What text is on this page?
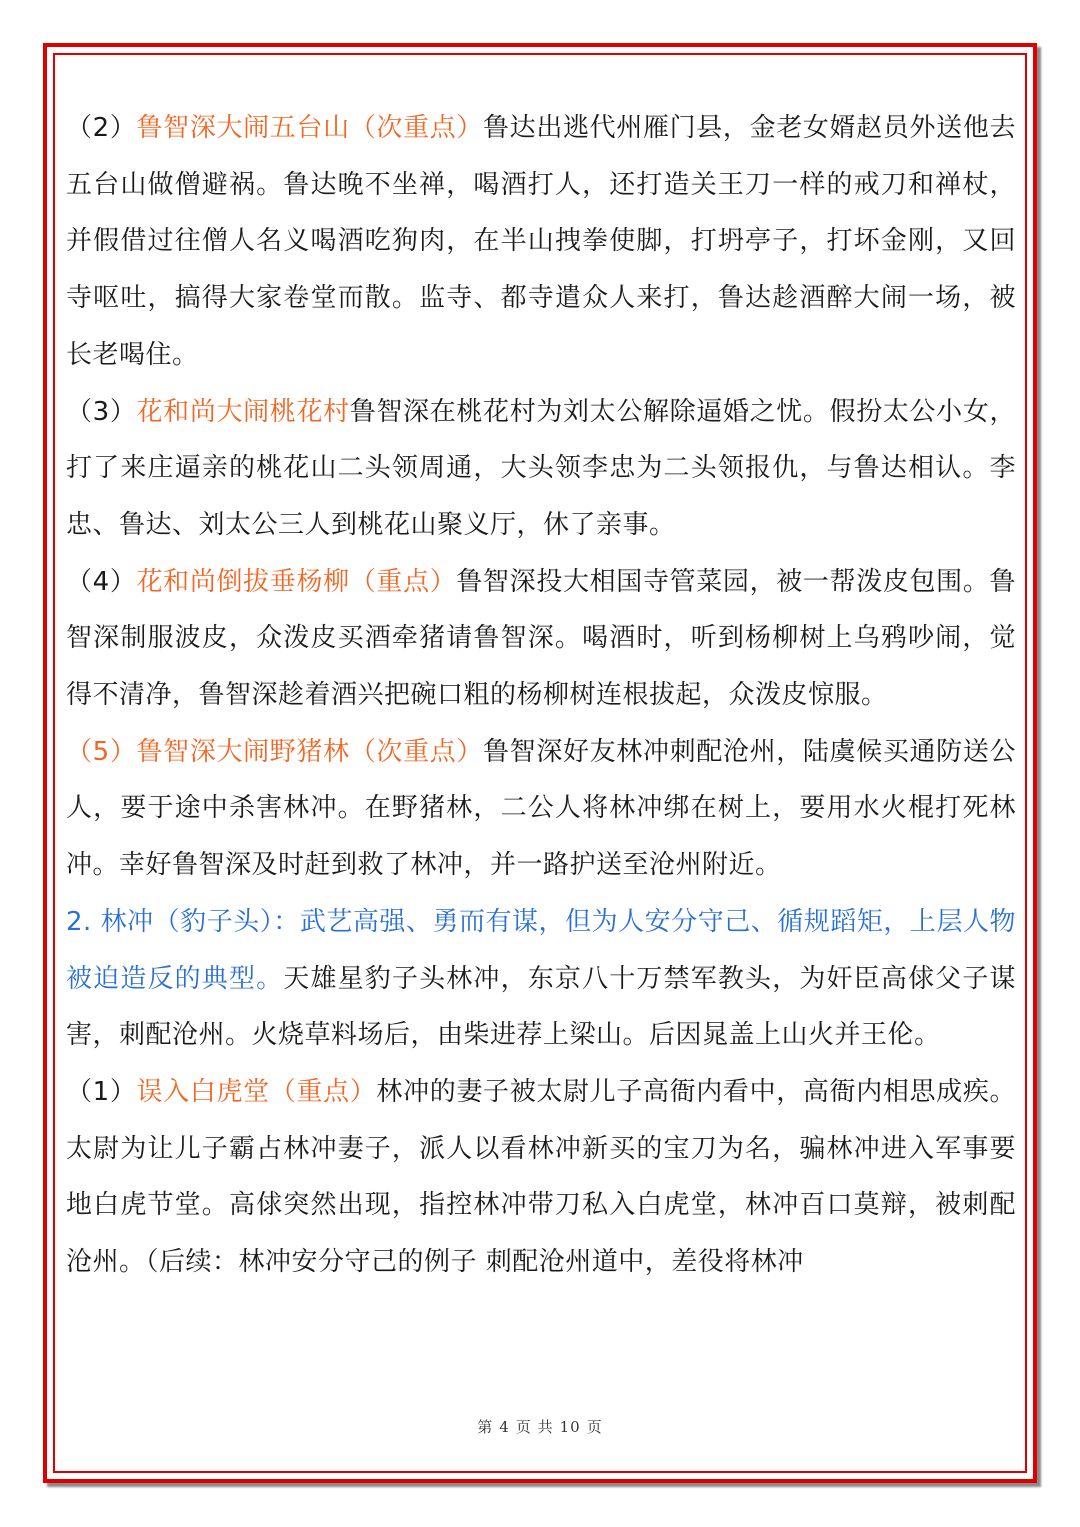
（2）鲁智深大闹五台山（次重点）鲁达出逃代州雁门县，金老女婿赵员外送他去五台山做僧避祸。鲁达晚不坐禅，喝酒打人，还打造关王刀一样的戒刀和禅杖，并假借过往僧人名义喝酒吃狗肉，在半山拽拳使脚，打坍亭子，打坏金刚，又回寺呕吐，搞得大家卷堂而散。监寺、都寺遣众人来打，鲁达趁酒醉大闹一场，被长老喝住。

（3）花和尚大闹桃花村鲁智深在桃花村为刘太公解除逼婚之忧。假扮太公小女，打了来庄逼亲的桃花山二头领周通，大头领李忠为二头领报仇，与鲁达相认。李忠、鲁达、刘太公三人到桃花山聚义厅，休了亲事。

（4）花和尚倒拔垂杨柳（重点）鲁智深投大相国寺管菜园，被一帮泼皮包围。鲁智深制服波皮，众泼皮买酒牵猪请鲁智深。喝酒时，听到杨柳树上乌鸦吵闹，觉得不清净，鲁智深趁着酒兴把碗口粗的杨柳树连根拔起，众泼皮惊服。

（5）鲁智深大闹野猪林（次重点）鲁智深好友林冲刺配沧州，陆虞候买通防送公人，要于途中杀害林冲。在野猪林，二公人将林冲绑在树上，要用水火棍打死林冲。幸好鲁智深及时赶到救了林冲，并一路护送至沧州附近。

2. 林冲（豹子头）：武艺高强、勇而有谋，但为人安分守己、循规蹈矩，上层人物被迫造反的典型。天雄星豹子头林冲，东京八十万禁军教头，为奸臣高俅父子谋害，刺配沧州。火烧草料场后，由柴进荐上梁山。后因晁盖上山火并王伦。

（1）误入白虎堂（重点）林冲的妻子被太尉儿子高衙内看中，高衙内相思成疾。太尉为让儿子霸占林冲妻子，派人以看林冲新买的宝刀为名，骗林冲进入军事要地白虎节堂。高俅突然出现，指控林冲带刀私入白虎堂，林冲百口莫辩，被刺配沧州。（后续：林冲安分守己的例子 刺配沧州道中，差役将林冲

第 4 页 共 10 页
